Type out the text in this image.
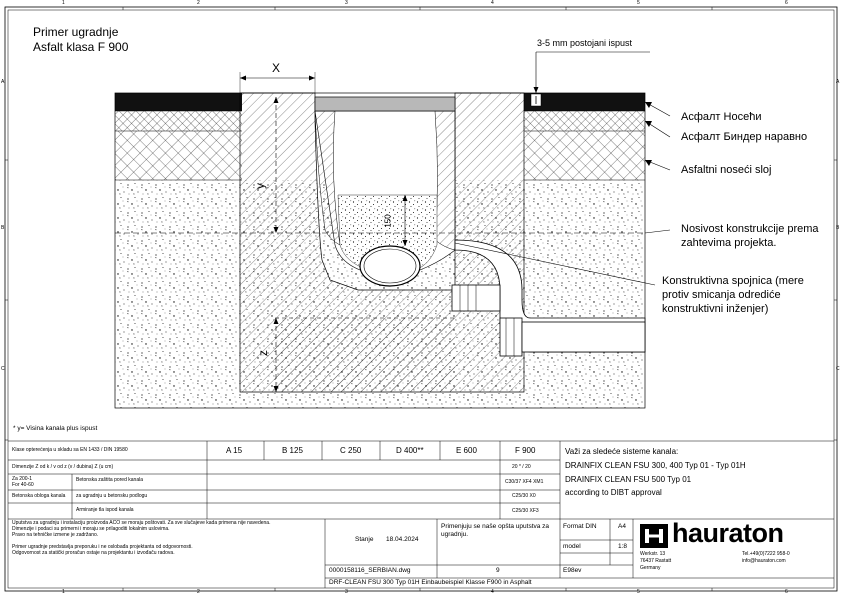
1	2	3	4	5	6
1	2	3	4	5	6
A
B
C
A
B
C
Primer ugradnje
Asfalt klasa F 900
X
y
z
150
3-5 mm postojani ispust
Асфалт Носећи
Асфалт Биндер наравно
Asfaltni noseći sloj
Nosivost konstrukcije prema
zahtevima projekta.
Konstruktivna spojnica (mere
protiv smicanja odrediće
konstruktivni inženjer)
* y= Visina kanala plus ispust
Klase opterećenja u skladu sa EN 1433 / DIN 19580	A 15	B 125	C 250	D 400**	E 600	F 900
Dimenzije Z od k / v od z (v / dubina) Z (u cm)	20 * / 20
Za 200-1
For 40-60
Betonska zaštita pored kanala	C30/37 XF4 XM1
Betonska obloga kanala za ugradnju u betonsku podlogu	C25/30 X0
Armiranje tla ispod kanala	C25/30 XF3
Važi za sledeće sisteme kanala:
DRAINFIX CLEAN FSU 300, 400 Typ 01 - Typ 01H
DRAINFIX CLEAN FSU 500 Typ 01
according to DIBT approval
Uputstva za ugradnju i instalaciju proizvoda ACO se moraju poštovati. Za sve slučajeve kada primena nije navedena.
Dimenzije i podaci su primerni i moraju se prilagoditi lokalnim uslovima.
Pravo na tehničke izmene je zadržano.
Primer ugradnje predstavlja preporuku i ne oslobađa projektanta od odgovornosti.
Odgovornost za statički proračun ostaje na projektantu i izvođaču radova.
Primenjuju se naše opšta uputstva za ugradnju.
Format DIN	A4
model	1:8
Stanje 18.04.2024
0000158116_SERBIAN.dwg	9	E98ev
DRF-CLEAN FSU 300 Typ 01H Einbaubeispiel Klasse F900 in Asphalt
hauraton
Werkstr. 13
76437 Rastatt
Germany
Tel.+49(0)7222 958-0
info@hauraton.com
